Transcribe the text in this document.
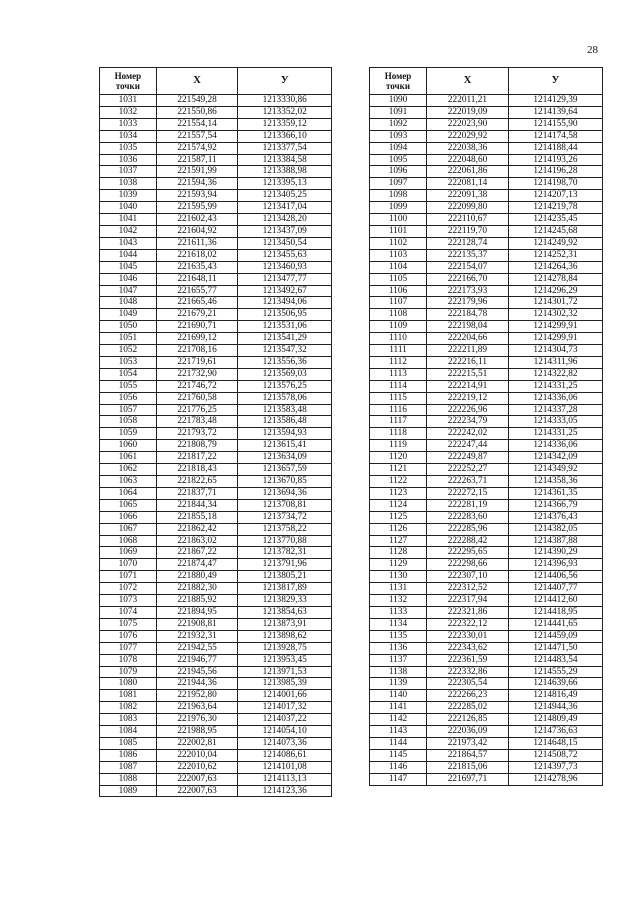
28
Номер
точки	X	У
1031	221549,28	1213330,86
1032	221550,86	1213352,02
1033	221554,14	1213359,12
1034	221557,54	1213366,10
1035	221574,92	1213377,54
1036	221587,11	1213384,58
1037	221591,99	1213388,98
1038	221594,36	1213395,13
1039	221593,94	1213405,25
1040	221595,99	1213417,04
1041	221602,43	1213428,20
1042	221604,92	1213437,09
1043	221611,36	1213450,54
1044	221618,02	1213455,63
1045	221635,43	1213460,93
1046	221648,11	1213477,77
1047	221655,77	1213492,67
1048	221665,46	1213494,06
1049	221679,21	1213506,95
1050	221690,71	1213531,06
1051	221699,12	1213541,29
1052	221708,16	1213547,32
1053	221719,61	1213556,36
1054	221732,90	1213569,03
1055	221746,72	1213576,25
1056	221760,58	1213578,06
1057	221776,25	1213583,48
1058	221783,48	1213586,48
1059	221793,72	1213594,93
1060	221808,79	1213615,41
1061	221817,22	1213634,09
1062	221818,43	1213657,59
1063	221822,65	1213670,85
1064	221837,71	1213694,36
1065	221844,34	1213708,81
1066	221855,18	1213734,72
1067	221862,42	1213758,22
1068	221863,02	1213770,88
1069	221867,22	1213782,31
1070	221874,47	1213791,96
1071	221880,49	1213805,21
1072	221882,30	1213817,89
1073	221885,92	1213829,33
1074	221894,95	1213854,63
1075	221908,81	1213873,91
1076	221932,31	1213898,62
1077	221942,55	1213928,75
1078	221946,77	1213953,45
1079	221945,56	1213971,53
1080	221944,36	1213985,39
1081	221952,80	1214001,66
1082	221963,64	1214017,32
1083	221976,30	1214037,22
1084	221988,95	1214054,10
1085	222002,81	1214073,36
1086	222010,04	1214086,61
1087	222010,62	1214101,08
1088	222007,63	1214113,13
1089	222007,63	1214123,36
Номер
точки	X	У
1090	222011,21	1214129,39
1091	222019,09	1214139,64
1092	222023,90	1214155,90
1093	222029,92	1214174,58
1094	222038,36	1214188,44
1095	222048,60	1214193,26
1096	222061,86	1214196,28
1097	222081,14	1214198,70
1098	222091,38	1214207,13
1099	222099,80	1214219,78
1100	222110,67	1214235,45
1101	222119,70	1214245,68
1102	222128,74	1214249,92
1103	222135,37	1214252,31
1104	222154,07	1214264,36
1105	222166,70	1214278,84
1106	222173,93	1214296,29
1107	222179,96	1214301,72
1108	222184,78	1214302,32
1109	222198,04	1214299,91
1110	222204,66	1214299,91
1111	222211,89	1214304,73
1112	222216,11	1214311,96
1113	222215,51	1214322,82
1114	222214,91	1214331,25
1115	222219,12	1214336,06
1116	222226,96	1214337,28
1117	222234,79	1214333,05
1118	222242,02	1214331,25
1119	222247,44	1214336,06
1120	222249,87	1214342,09
1121	222252,27	1214349,92
1122	222263,71	1214358,36
1123	222272,15	1214361,35
1124	222281,19	1214366,79
1125	222283,60	1214376,43
1126	222285,96	1214382,05
1127	222288,42	1214387,88
1128	222295,65	1214390,29
1129	222298,66	1214396,93
1130	222307,10	1214406,56
1131	222312,52	1214407,77
1132	222317,94	1214412,60
1133	222321,86	1214418,95
1134	222322,12	1214441,65
1135	222330,01	1214459,09
1136	222343,62	1214471,50
1137	222361,59	1214483,54
1138	222332,86	1214555,29
1139	222305,54	1214639,66
1140	222266,23	1214816,49
1141	222285,02	1214944,36
1142	222126,85	1214809,49
1143	222036,09	1214736,63
1144	221973,42	1214648,15
1145	221864,57	1214508,72
1146	221815,06	1214397,73
1147	221697,71	1214278,96
